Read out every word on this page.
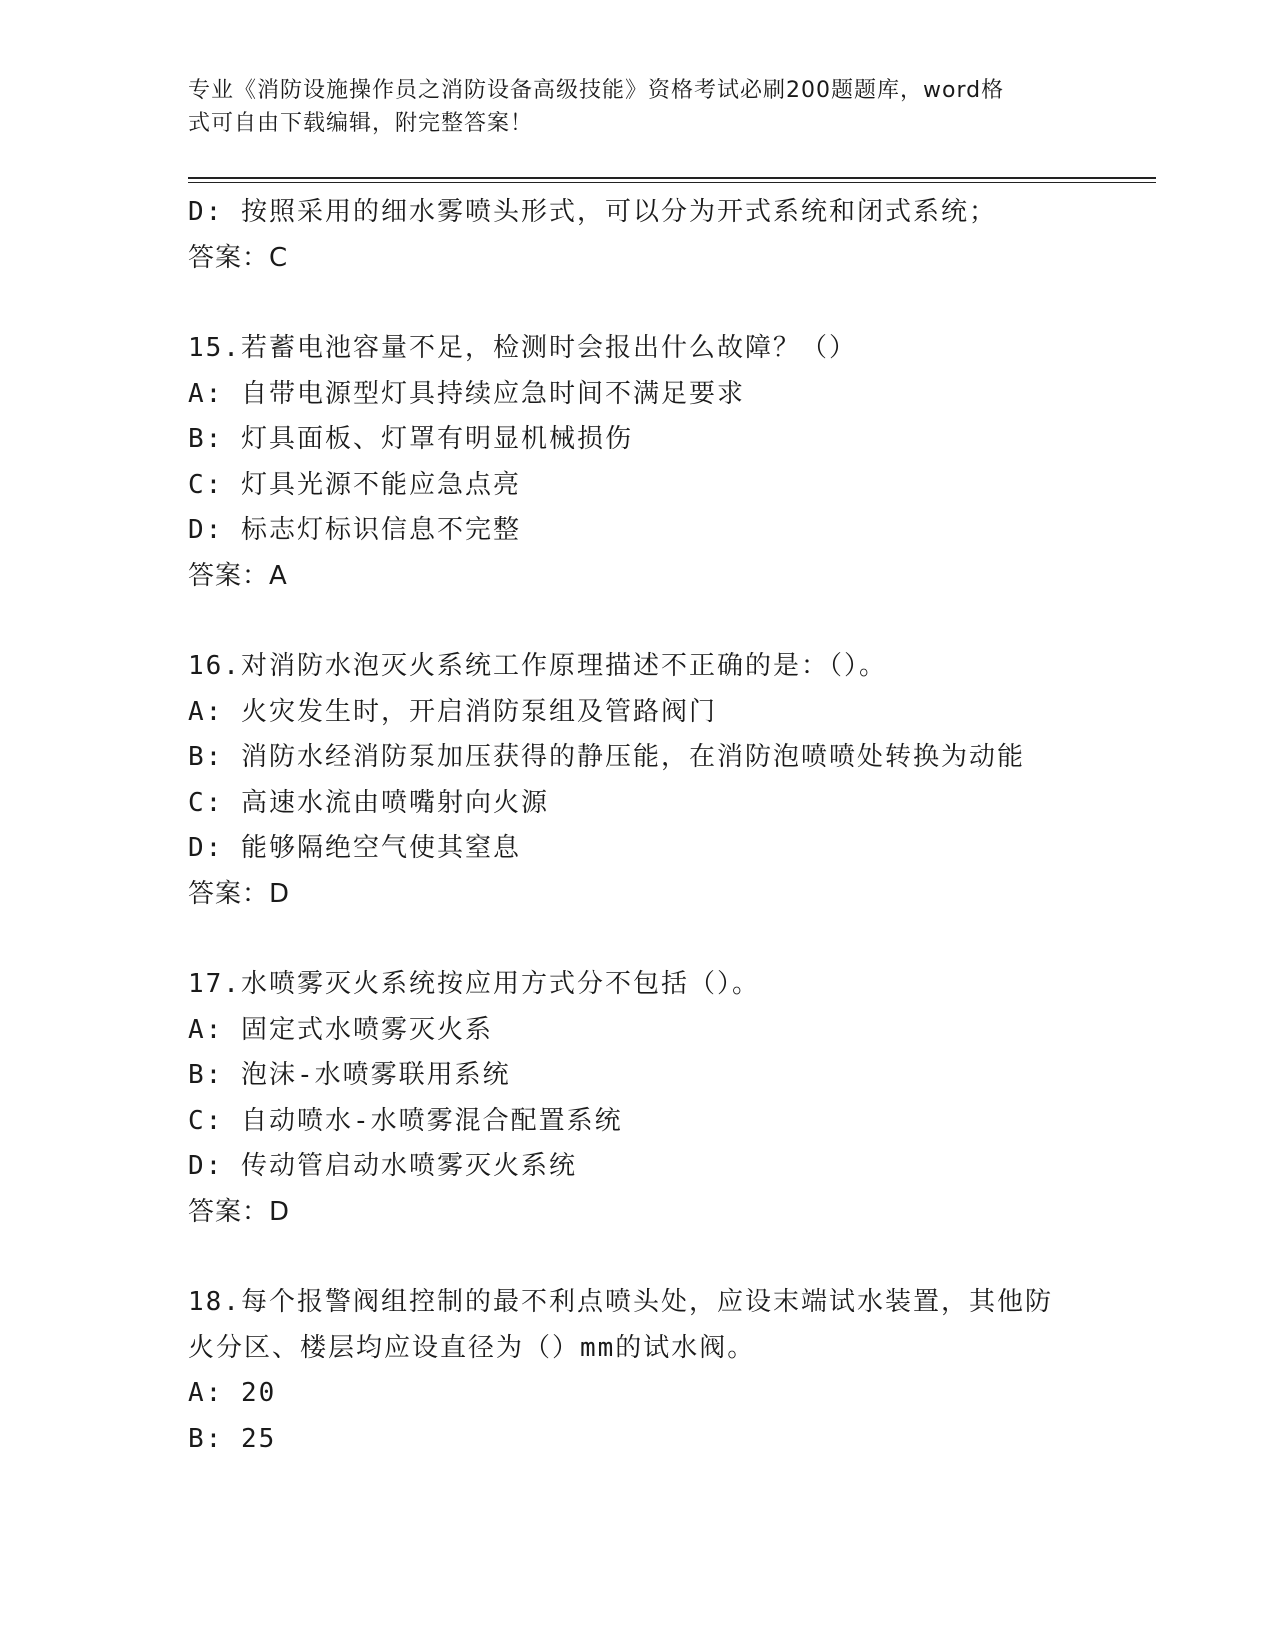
专业《消防设施操作员之消防设备高级技能》资格考试必刷200题题库，word格
式可自由下载编辑，附完整答案！
D: 按照采用的细水雾喷头形式，可以分为开式系统和闭式系统；
答案：C
15.若蓄电池容量不足，检测时会报出什么故障？（）
A: 自带电源型灯具持续应急时间不满足要求
B: 灯具面板、灯罩有明显机械损伤
C: 灯具光源不能应急点亮
D: 标志灯标识信息不完整
答案：A
16.对消防水泡灭火系统工作原理描述不正确的是：（）。
A: 火灾发生时，开启消防泵组及管路阀门
B: 消防水经消防泵加压获得的静压能，在消防泡喷喷处转换为动能
C: 高速水流由喷嘴射向火源
D: 能够隔绝空气使其窒息
答案：D
17.水喷雾灭火系统按应用方式分不包括（）。
A: 固定式水喷雾灭火系
B: 泡沫-水喷雾联用系统
C: 自动喷水-水喷雾混合配置系统
D: 传动管启动水喷雾灭火系统
答案：D
18.每个报警阀组控制的最不利点喷头处，应设末端试水装置，其他防
火分区、楼层均应设直径为（）mm的试水阀。
A: 20
B: 25
